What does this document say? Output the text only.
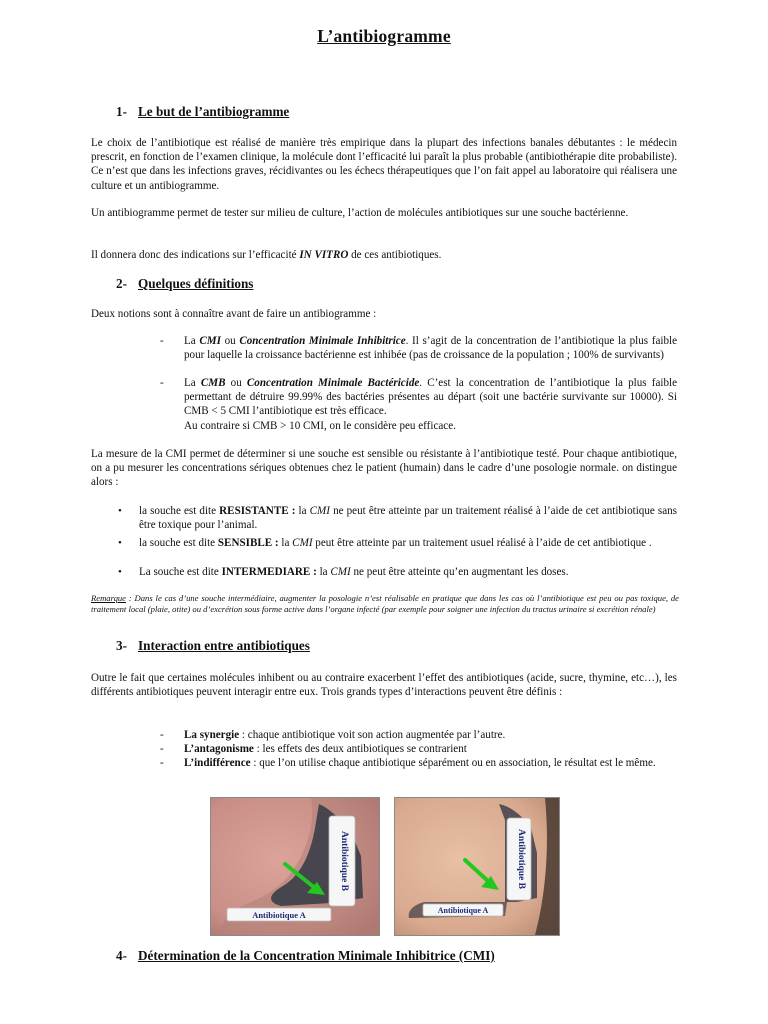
L’antibiogramme
1- Le but de l’antibiogramme
Le choix de l’antibiotique est réalisé de manière très empirique dans la plupart des infections banales débutantes : le médecin prescrit, en fonction de l’examen clinique, la molécule dont l’efficacité lui paraît la plus probable (antibiothérapie dite probabiliste). Ce n’est que dans les infections graves, récidivantes ou les échecs thérapeutiques que l’on fait appel au laboratoire qui réalisera une culture et un antibiogramme.
Un antibiogramme permet de tester sur milieu de culture, l’action de molécules antibiotiques sur une souche bactérienne.
Il donnera donc des indications sur l’efficacité IN VITRO de ces antibiotiques.
2- Quelques définitions
Deux notions sont à connaître avant de faire un antibiogramme :
-	La CMI ou Concentration Minimale Inhibitrice. Il s’agit de la concentration de l’antibiotique la plus faible pour laquelle la croissance bactérienne est inhibée (pas de croissance de la population ; 100% de survivants)
-	La CMB ou Concentration Minimale Bactéricide. C’est la concentration de l’antibiotique la plus faible permettant de détruire 99.99% des bactéries présentes au départ (soit une bactérie survivante sur 10000). Si CMB < 5 CMI l’antibiotique est très efficace.
Au contraire si CMB > 10 CMI, on le considère peu efficace.
La mesure de la CMI permet de déterminer si une souche est sensible ou résistante à l’antibiotique testé. Pour chaque antibiotique, on a pu mesurer les concentrations sériques obtenues chez le patient (humain) dans le cadre d’une posologie normale. on distingue alors :
• la souche est dite RESISTANTE : la CMI ne peut être atteinte par un traitement réalisé à l’aide de cet antibiotique sans être toxique pour l’animal.
• la souche est dite SENSIBLE : la CMI peut être atteinte par un traitement usuel réalisé à l’aide de cet antibiotique .
• La souche est dite INTERMEDIARE : la CMI ne peut être atteinte qu’en augmentant les doses.
Remarque : Dans le cas d’une souche intermédiaire, augmenter la posologie n’est réalisable en pratique que dans les cas où l’antibiotique est peu ou pas toxique, de traitement local (plaie, otite) ou d’excrétion sous forme active dans l’organe infecté (par exemple pour soigner une infection du tractus urinaire si excrétion rénale)
3- Interaction entre antibiotiques
Outre le fait que certaines molécules inhibent ou au contraire exacerbent l’effet des antibiotiques (acide, sucre, thymine, etc…), les différents antibiotiques peuvent interagir entre eux. Trois grands types d’interactions peuvent être définis :
-	La synergie : chaque antibiotique voit son action augmentée par l’autre.
-	L’antagonisme : les effets des deux antibiotiques se contrarient
-	L’indifférence : que l’on utilise chaque antibiotique séparément ou en association, le résultat est le même.
Antibiotique B
Antibiotique A
Antibiotique B
Antibiotique A
4- Détermination de la Concentration Minimale Inhibitrice (CMI)
